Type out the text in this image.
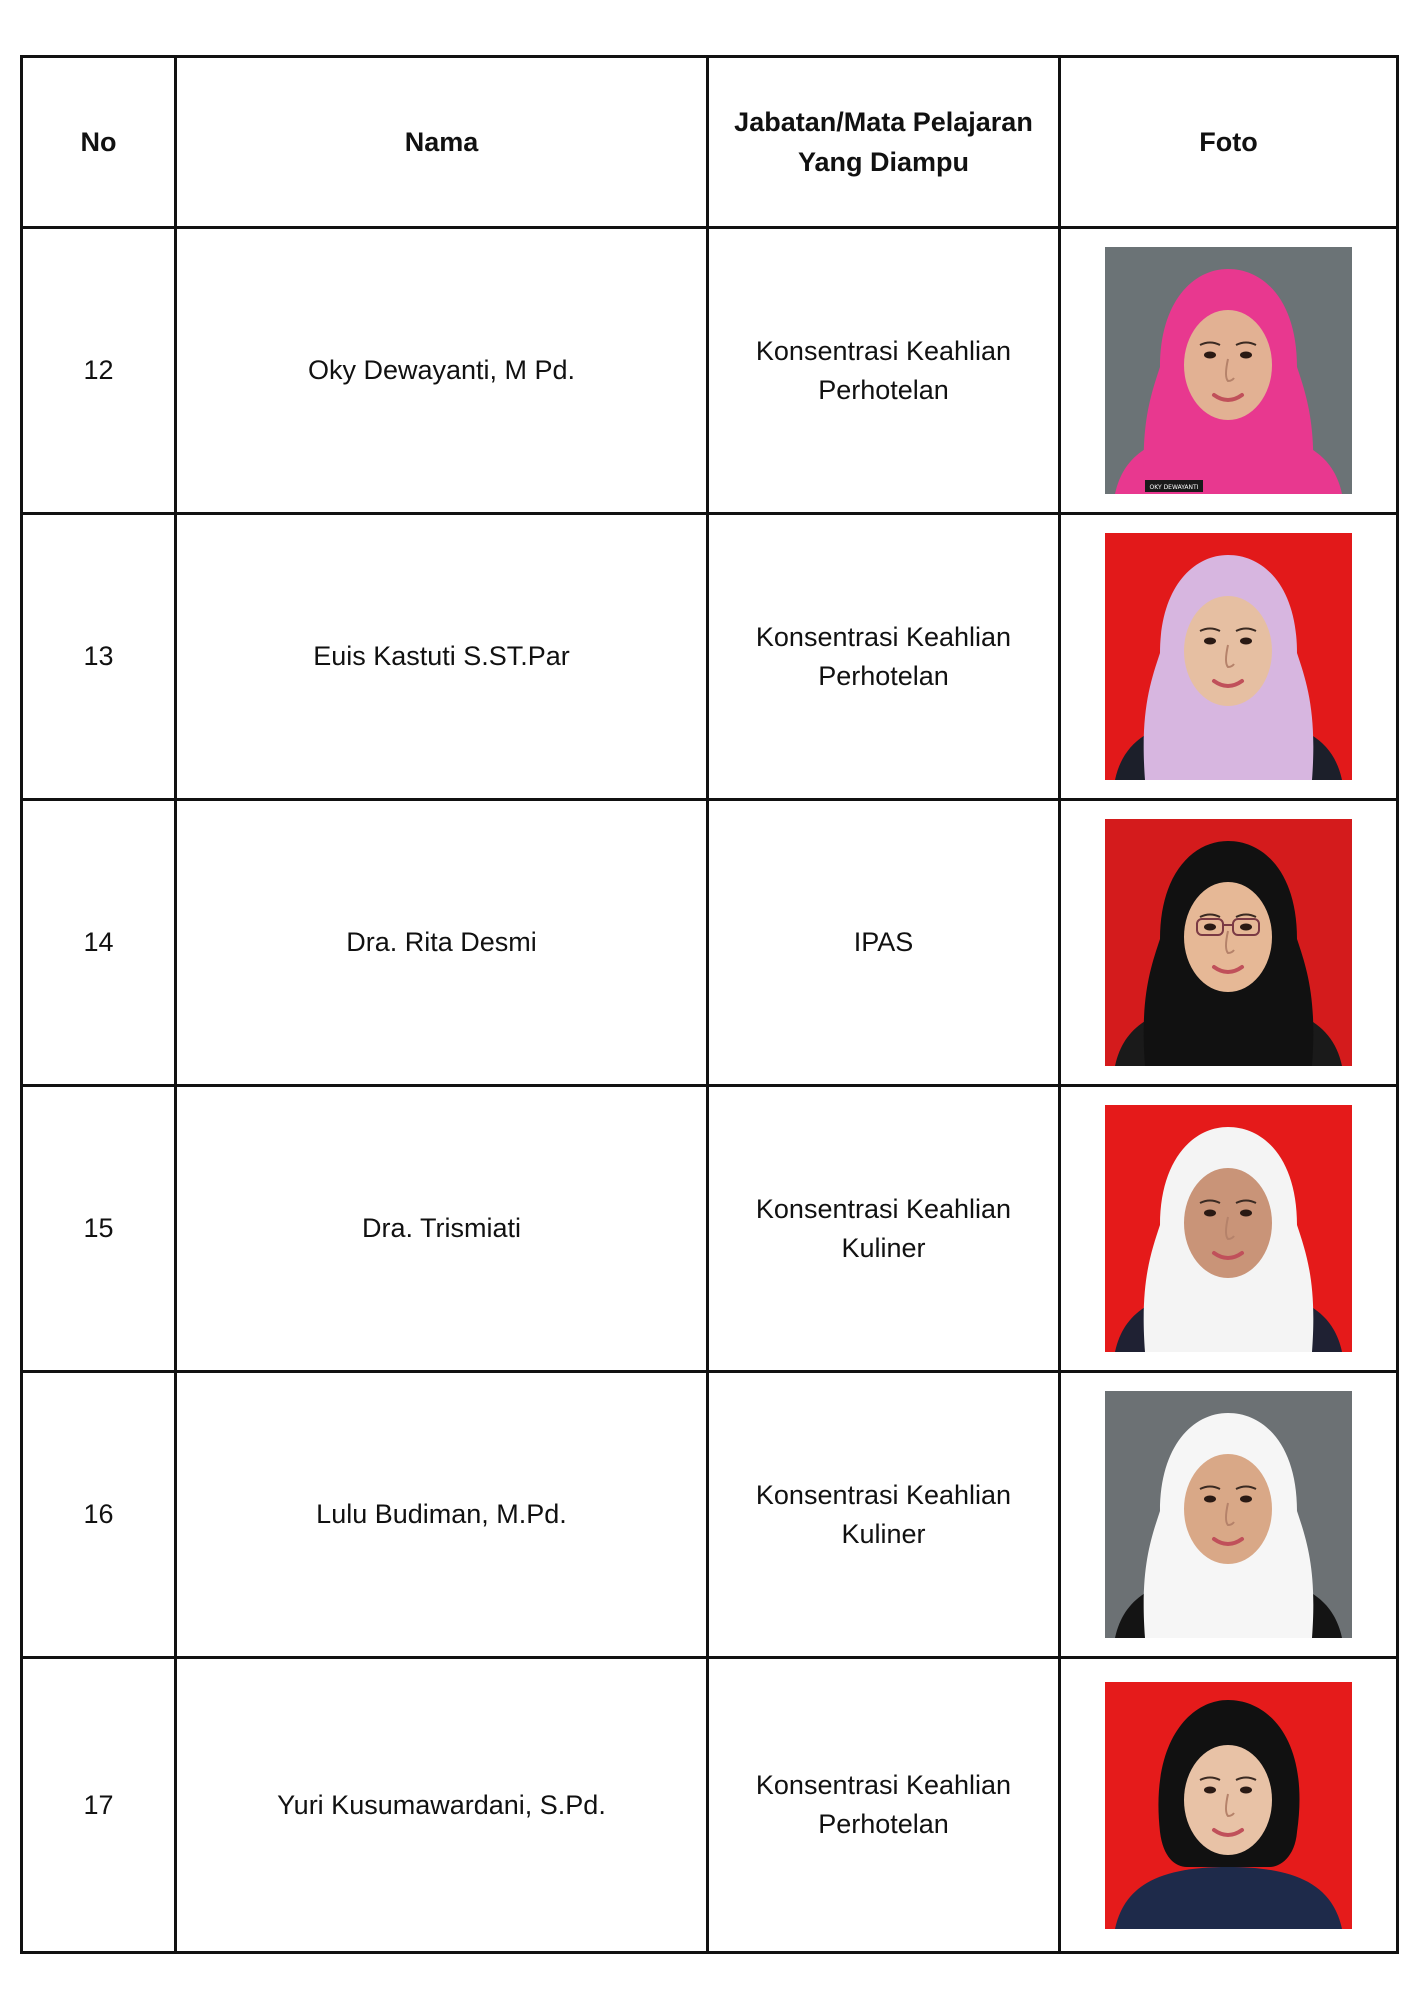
No	Nama	Jabatan/Mata Pelajaran Yang Diampu	Foto
12	Oky Dewayanti, M Pd.	Konsentrasi Keahlian Perhotelan	OKY DEWAYANTI

13	Euis Kastuti S.ST.Par	Konsentrasi Keahlian Perhotelan	

14	Dra. Rita Desmi	IPAS	

15	Dra. Trismiati	Konsentrasi Keahlian Kuliner	

16	Lulu Budiman, M.Pd.	Konsentrasi Keahlian Kuliner	

17	Yuri Kusumawardani, S.Pd.	Konsentrasi Keahlian Perhotelan	
